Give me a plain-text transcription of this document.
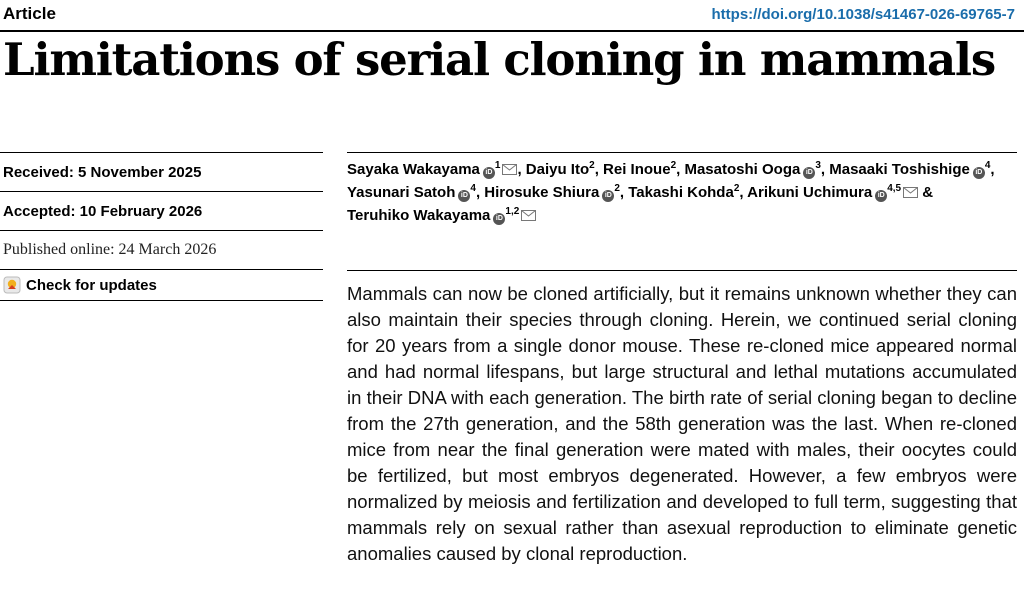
Article	https://doi.org/10.1038/s41467-026-69765-7
Limitations of serial cloning in mammals
Received: 5 November 2025
Accepted: 10 February 2026
Published online: 24 March 2026
Check for updates
Sayaka Wakayama $iD^1$ , Daiyu Ito$^2$, Rei Inoue$^2$, Masatoshi Ooga $iD^3$, Masaaki Toshishige $iD^4$, Yasunari Satoh $iD^4$, Hirosuke Shiura $iD^2$, Takashi Kohda$^2$, Arikuni Uchimura iD$^{4,5}$ & Teruhiko Wakayama iD$^{1,2}$

Mammals can now be cloned artificially, but it remains unknown whether they can also maintain their species through cloning. Herein, we continued serial cloning for 20 years from a single donor mouse. These re-cloned mice appeared normal and had normal lifespans, but large structural and lethal mutations accumulated in their DNA with each generation. The birth rate of serial cloning began to decline from the 27th generation, and the 58th generation was the last. When re-cloned mice from near the final generation were mated with males, their oocytes could be fertilized, but most embryos degenerated. However, a few embryos were normalized by meiosis and fertilization and developed to full term, suggesting that mammals rely on sexual rather than asexual reproduction to eliminate genetic anomalies caused by clonal reproduction.
